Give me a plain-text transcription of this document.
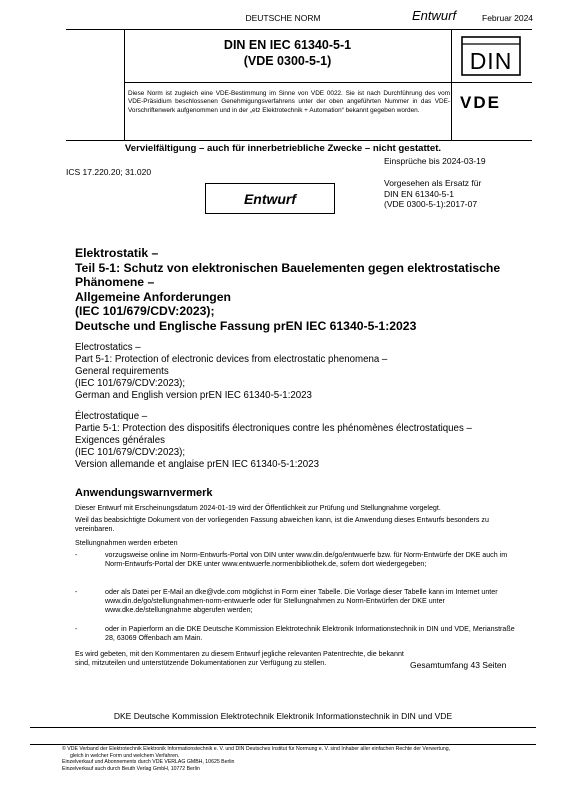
DEUTSCHE NORM	Entwurf	Februar 2024
DIN EN IEC 61340-5-1
(VDE 0300-5-1)	DIN
Diese Norm ist zugleich eine VDE-Bestimmung im Sinne von VDE 0022. Sie ist nach Durchführung des vom VDE-Präsidium beschlossenen Genehmigungsverfahrens unter der oben angeführten Nummer in das VDE-Vorschriftenwerk aufgenommen und in der „etz Elektrotechnik + Automation“ bekannt gegeben worden.	VDE
Vervielfältigung – auch für innerbetriebliche Zwecke – nicht gestattet.
Einsprüche bis 2024-03-19
ICS 17.220.20; 31.020
Vorgesehen als Ersatz für
DIN EN 61340-5-1
(VDE 0300-5-1):2017-07
Entwurf
Elektrostatik –
Teil 5-1: Schutz von elektronischen Bauelementen gegen elektrostatische
Phänomene –
Allgemeine Anforderungen
(IEC 101/679/CDV:2023);
Deutsche und Englische Fassung prEN IEC 61340-5-1:2023
Electrostatics –
Part 5-1: Protection of electronic devices from electrostatic phenomena –
General requirements
(IEC 101/679/CDV:2023);
German and English version prEN IEC 61340-5-1:2023
Électrostatique –
Partie 5-1: Protection des dispositifs électroniques contre les phénomènes électrostatiques –
Exigences générales
(IEC 101/679/CDV:2023);
Version allemande et anglaise prEN IEC 61340-5-1:2023
Anwendungswarnvermerk
Dieser Entwurf mit Erscheinungsdatum 2024-01-19 wird der Öffentlichkeit zur Prüfung und Stellungnahme vorgelegt.
Weil das beabsichtigte Dokument von der vorliegenden Fassung abweichen kann, ist die Anwendung dieses Entwurfs besonders zu vereinbaren.
Stellungnahmen werden erbeten
-	vorzugsweise online im Norm-Entwurfs-Portal von DIN unter www.din.de/go/entwuerfe bzw. für Norm-Entwürfe der DKE auch im Norm-Entwurfs-Portal der DKE unter www.entwuerfe.normenbibliothek.de, sofern dort wiedergegeben;
-	oder als Datei per E-Mail an dke@vde.com möglichst in Form einer Tabelle. Die Vorlage dieser Tabelle kann im Internet unter www.din.de/go/stellungnahmen-norm-entwuerfe oder für Stellungnahmen zu Norm-Entwürfen der DKE unter www.dke.de/stellungnahme abgerufen werden;
-	oder in Papierform an die DKE Deutsche Kommission Elektrotechnik Elektronik Informationstechnik in DIN und VDE, Merianstraße 28, 63069 Offenbach am Main.
Es wird gebeten, mit den Kommentaren zu diesem Entwurf jegliche relevanten Patentrechte, die bekannt sind, mitzuteilen und unterstützende Dokumentationen zur Verfügung zu stellen.	Gesamtumfang 43 Seiten
DKE Deutsche Kommission Elektrotechnik Elektronik Informationstechnik in DIN und VDE
© VDE Verband der Elektrotechnik Elektronik Informationstechnik e. V. und DIN Deutsches Institut für Normung e. V. sind Inhaber aller einfachen Rechte der Verwertung,
gleich in welcher Form und welchem Verfahren.
Einzelverkauf und Abonnements durch VDE VERLAG GMBH, 10625 Berlin
Einzelverkauf auch durch Beuth Verlag GmbH, 10772 Berlin
